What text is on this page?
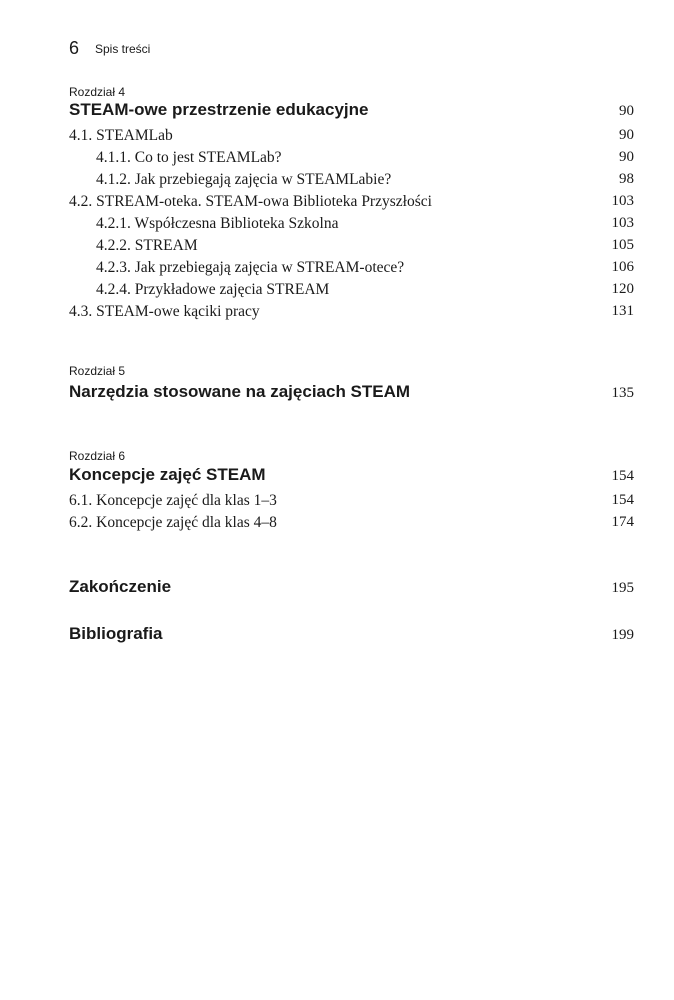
6 Spis treści
Rozdział 4
STEAM-owe przestrzenie edukacyjne	90
4.1. STEAMLab	90
4.1.1. Co to jest STEAMLab?	90
4.1.2. Jak przebiegają zajęcia w STEAMLabie?	98
4.2. STREAM-oteka. STEAM-owa Biblioteka Przyszłości	103
4.2.1. Współczesna Biblioteka Szkolna	103
4.2.2. STREAM	105
4.2.3. Jak przebiegają zajęcia w STREAM-otece?	106
4.2.4. Przykładowe zajęcia STREAM	120
4.3. STEAM-owe kąciki pracy	131
Rozdział 5
Narzędzia stosowane na zajęciach STEAM	135
Rozdział 6
Koncepcje zajęć STEAM	154
6.1. Koncepcje zajęć dla klas 1–3	154
6.2. Koncepcje zajęć dla klas 4–8	174
Zakończenie	195
Bibliografia	199
